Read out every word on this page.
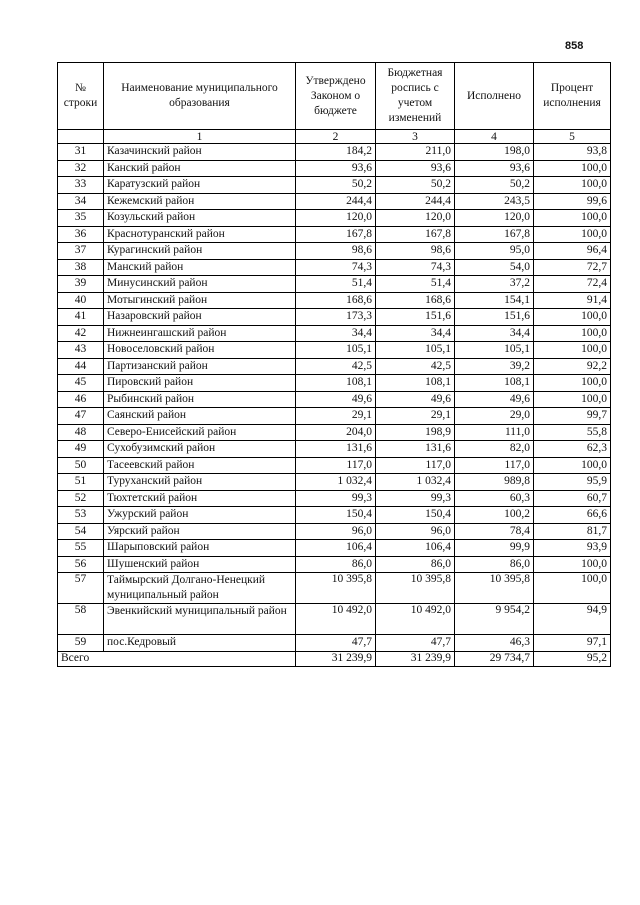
858
№ строки	Наименование муниципального образования	Утверждено Законом о бюджете	Бюджетная роспись с учетом изменений	Исполнено	Процент исполнения
	1	2	3	4	5
31	Казачинский район	184,2	211,0	198,0	93,8
32	Канский район	93,6	93,6	93,6	100,0
33	Каратузский район	50,2	50,2	50,2	100,0
34	Кежемский район	244,4	244,4	243,5	99,6
35	Козульский район	120,0	120,0	120,0	100,0
36	Краснотуранский район	167,8	167,8	167,8	100,0
37	Курагинский район	98,6	98,6	95,0	96,4
38	Манский район	74,3	74,3	54,0	72,7
39	Минусинский район	51,4	51,4	37,2	72,4
40	Мотыгинский район	168,6	168,6	154,1	91,4
41	Назаровский район	173,3	151,6	151,6	100,0
42	Нижнеингашский район	34,4	34,4	34,4	100,0
43	Новоселовский район	105,1	105,1	105,1	100,0
44	Партизанский район	42,5	42,5	39,2	92,2
45	Пировский район	108,1	108,1	108,1	100,0
46	Рыбинский район	49,6	49,6	49,6	100,0
47	Саянский район	29,1	29,1	29,0	99,7
48	Северо-Енисейский район	204,0	198,9	111,0	55,8
49	Сухобузимский район	131,6	131,6	82,0	62,3
50	Тасеевский район	117,0	117,0	117,0	100,0
51	Туруханский район	1 032,4	1 032,4	989,8	95,9
52	Тюхтетский район	99,3	99,3	60,3	60,7
53	Ужурский район	150,4	150,4	100,2	66,6
54	Уярский район	96,0	96,0	78,4	81,7
55	Шарыповский район	106,4	106,4	99,9	93,9
56	Шушенский район	86,0	86,0	86,0	100,0
57	Таймырский Долгано-Ненецкий муниципальный район	10 395,8	10 395,8	10 395,8	100,0
58	Эвенкийский муниципальный район	10 492,0	10 492,0	9 954,2	94,9
59	пос.Кедровый	47,7	47,7	46,3	97,1
Всего		31 239,9	31 239,9	29 734,7	95,2
